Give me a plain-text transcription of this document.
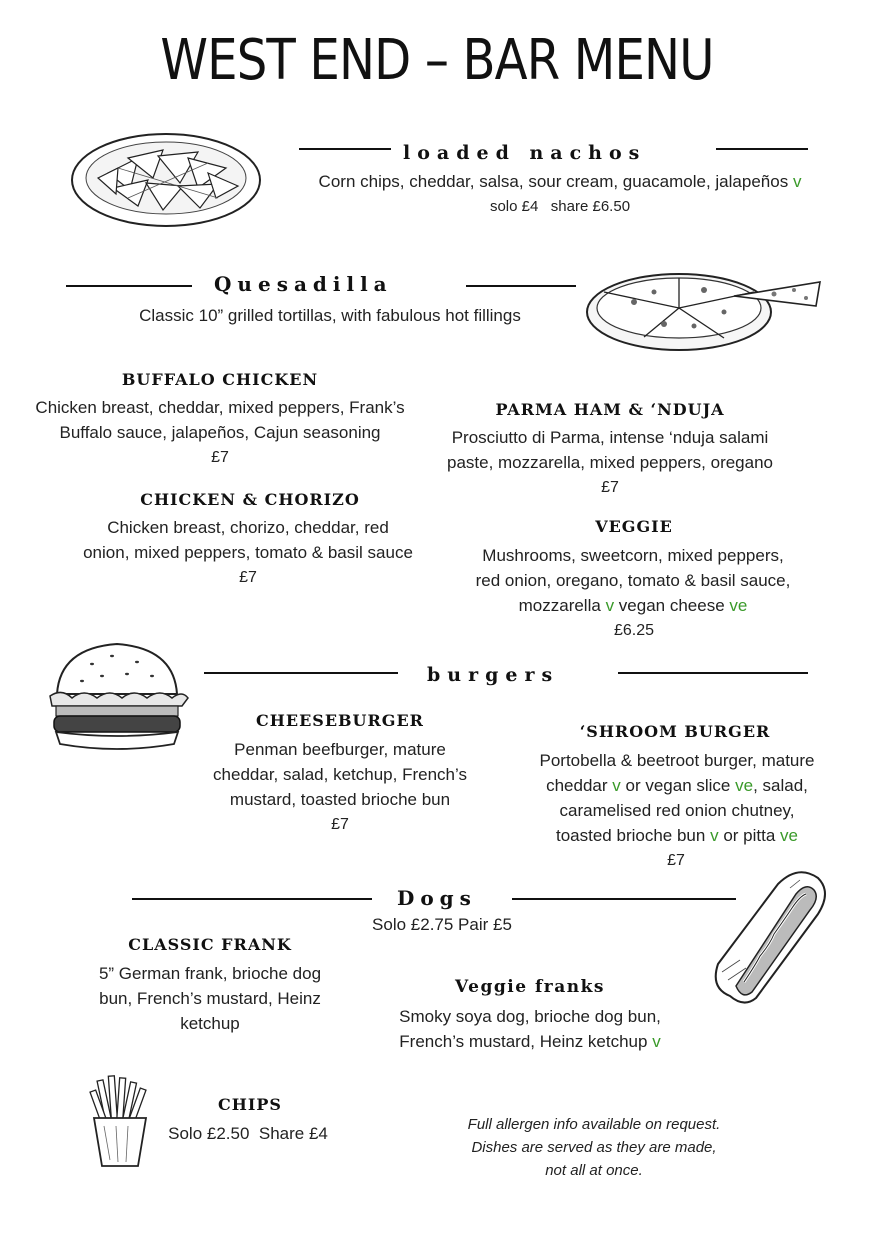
WEST END – BAR MENU
loaded nachos
Corn chips, cheddar, salsa, sour cream, guacamole, jalapeños v
solo £4   share £6.50
Quesadilla
Classic 10” grilled tortillas, with fabulous hot fillings
BUFFALO CHICKEN
Chicken breast, cheddar, mixed peppers, Frank’s
Buffalo sauce, jalapeños, Cajun seasoning
£7
PARMA HAM & ‘NDUJA
Prosciutto di Parma, intense ‘nduja salami
paste, mozzarella, mixed peppers, oregano
£7
CHICKEN & CHORIZO
Chicken breast, chorizo, cheddar, red
onion, mixed peppers, tomato & basil sauce
£7
VEGGIE
Mushrooms, sweetcorn, mixed peppers,
red onion, oregano, tomato & basil sauce,
mozzarella v vegan cheese ve
£6.25
burgers
CHEESEBURGER
Penman beefburger, mature
cheddar, salad, ketchup, French’s
mustard, toasted brioche bun
£7
‘SHROOM BURGER
Portobella & beetroot burger, mature
cheddar v or vegan slice ve, salad,
caramelised red onion chutney,
toasted brioche bun v or pitta ve
£7
Dogs
Solo £2.75 Pair £5
CLASSIC FRANK
5” German frank, brioche dog
bun, French’s mustard, Heinz
ketchup
Veggie franks
Smoky soya dog, brioche dog bun,
French’s mustard, Heinz ketchup v
CHIPS
Solo £2.50  Share £4	Full allergen info available on request.
Dishes are served as they are made,
not all at once.
